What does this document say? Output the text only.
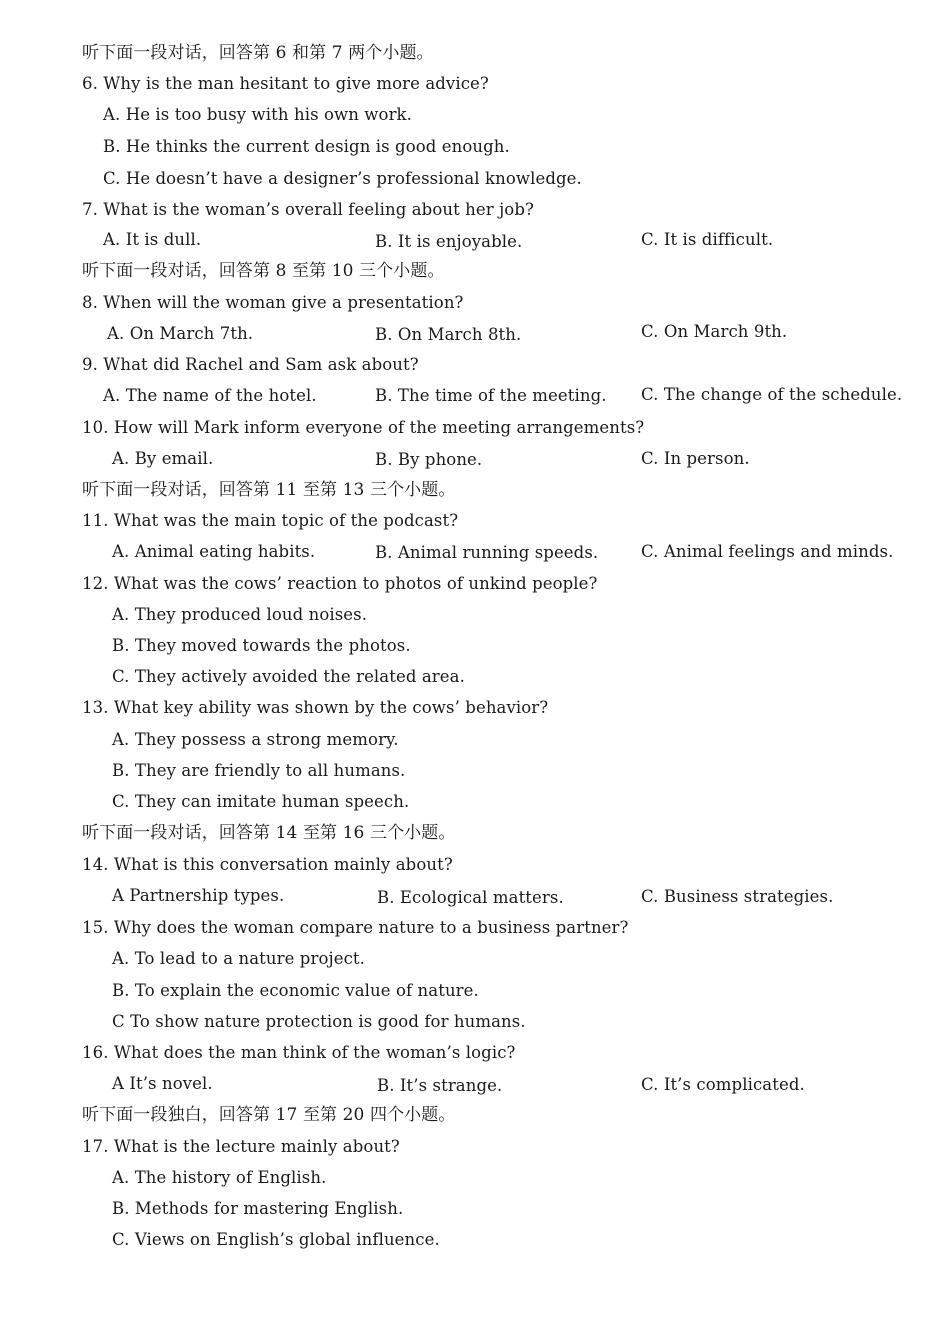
听下面一段对话，回答第 6 和第 7 两个小题。
6. Why is the man hesitant to give more advice?
A. He is too busy with his own work.
B. He thinks the current design is good enough.
C. He doesn’t have a designer’s professional knowledge.
7. What is the woman’s overall feeling about her job?
A. It is dull.	B. It is enjoyable.	C. It is difficult.
听下面一段对话，回答第 8 至第 10 三个小题。
8. When will the woman give a presentation?
A. On March 7th.	B. On March 8th.	C. On March 9th.
9. What did Rachel and Sam ask about?
A. The name of the hotel.	B. The time of the meeting. C. The change of the schedule.
10. How will Mark inform everyone of the meeting arrangements?
A. By email.	B. By phone.	C. In person.
听下面一段对话，回答第 11 至第 13 三个小题。
11. What was the main topic of the podcast?
A. Animal eating habits.	B. Animal running speeds.	C. Animal feelings and minds.
12. What was the cows’ reaction to photos of unkind people?
A. They produced loud noises.
B. They moved towards the photos.
C. They actively avoided the related area.
13. What key ability was shown by the cows’ behavior?
A. They possess a strong memory.
B. They are friendly to all humans.
C. They can imitate human speech.
听下面一段对话，回答第 14 至第 16 三个小题。
14. What is this conversation mainly about?
A Partnership types.	B. Ecological matters.	C. Business strategies.
15. Why does the woman compare nature to a business partner?
A. To lead to a nature project.
B. To explain the economic value of nature.
C To show nature protection is good for humans.
16. What does the man think of the woman’s logic?
A It’s novel.	B. It’s strange.	C. It’s complicated.
听下面一段独白，回答第 17 至第 20 四个小题。
17. What is the lecture mainly about?
A. The history of English.
B. Methods for mastering English.
C. Views on English’s global influence.
